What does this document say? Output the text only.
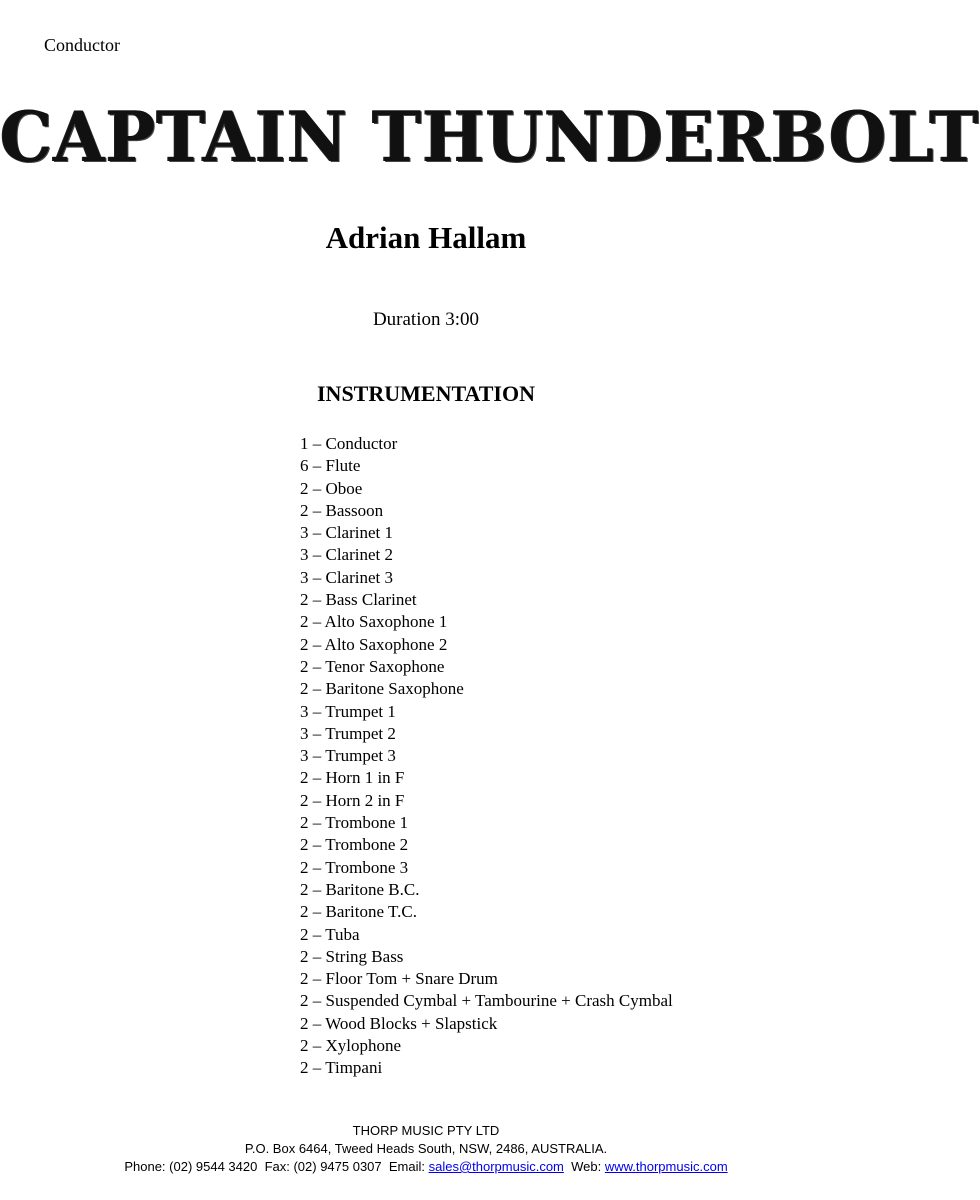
Conductor
CAPTAIN THUNDERBOLT
Adrian Hallam
Duration 3:00
INSTRUMENTATION
1 – Conductor
6 – Flute
2 – Oboe
2 – Bassoon
3 – Clarinet 1
3 – Clarinet 2
3 – Clarinet 3
2 – Bass Clarinet
2 – Alto Saxophone 1
2 – Alto Saxophone 2
2 – Tenor Saxophone
2 – Baritone Saxophone
3 – Trumpet 1
3 – Trumpet 2
3 – Trumpet 3
2 – Horn 1 in F
2 – Horn 2 in F
2 – Trombone 1
2 – Trombone 2
2 – Trombone 3
2 – Baritone B.C.
2 – Baritone T.C.
2 – Tuba
2 – String Bass
2 – Floor Tom + Snare Drum
2 – Suspended Cymbal + Tambourine + Crash Cymbal
2 – Wood Blocks + Slapstick
2 – Xylophone
2 – Timpani
THORP MUSIC PTY LTD
P.O. Box 6464, Tweed Heads South, NSW, 2486, AUSTRALIA.
Phone: (02) 9544 3420  Fax: (02) 9475 0307  Email: sales@thorpmusic.com  Web: www.thorpmusic.com
